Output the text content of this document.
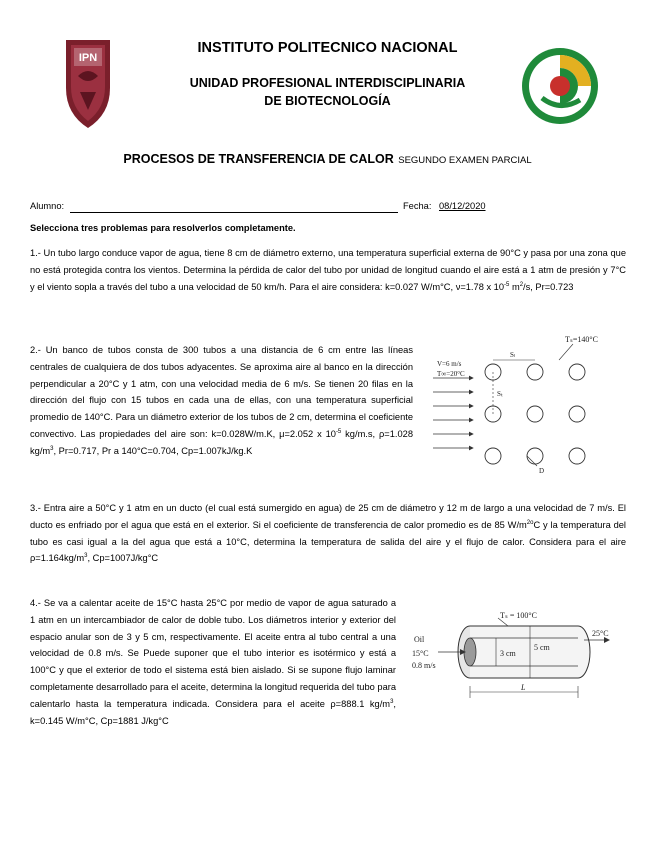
IPN
INSTITUTO POLITECNICO NACIONAL
UNIDAD PROFESIONAL INTERDISCIPLINARIA
DE BIOTECNOLOGÍA
PROCESOS DE TRANSFERENCIA DE CALOR SEGUNDO EXAMEN PARCIAL
Alumno:	Fecha: 08/12/2020
Selecciona tres problemas para resolverlos completamente.
1.- Un tubo largo conduce vapor de agua, tiene 8 cm de diámetro externo, una temperatura superficial externa de 90°C y pasa por una zona que no está protegida contra los vientos. Determina la pérdida de calor del tubo por unidad de longitud cuando el aire está a 1 atm de presión y 7°C y el viento sopla a través del tubo a una velocidad de 50 km/h. Para el aire considera: k=0.027 W/m°C, ν=1.78 x $10^{-5}$ $m^2/s$, Pr=0.723
2.- Un banco de tubos consta de 300 tubos a una distancia de 6 cm entre las líneas centrales de cualquiera de dos tubos adyacentes. Se aproxima aire al banco en la dirección perpendicular a 20°C y 1 atm, con una velocidad media de 6 m/s. Se tienen 20 filas en la dirección del flujo con 15 tubos en cada una de ellas, con una temperatura superficial promedio de 140°C. Para un diámetro exterior de los tubos de 2 cm, determina el coeficiente convectivo. Las propiedades del aire son: k=0.028W/m.K, μ=2.052 x $10^{-5}$ kg/m.s, ρ=1.028 $kg/m^3$, Pr=0.717, Pr a 140°C=0.704, Cp=1.007kJ/kg.K
Tₛ=140°C
V=6 m/s
T∞=20°C
Sₗ
Sₜ
D
3.- Entra aire a 50°C y 1 atm en un ducto (el cual está sumergido en agua) de 25 cm de diámetro y 12 m de largo a una velocidad de 7 m/s. El ducto es enfriado por el agua que está en el exterior. Si el coeficiente de transferencia de calor promedio es de 85 $W/m^{2o}C$ y la temperatura del tubo es casi igual a la del agua que está a 10°C, determina la temperatura de salida del aire y el flujo de calor. Considera para el aire $\rho=1.164kg/m^3$, Cp=1007J/kg°C
4.- Se va a calentar aceite de 15°C hasta 25°C por medio de vapor de agua saturado a 1 atm en un intercambiador de calor de doble tubo. Los diámetros interior y exterior del espacio anular son de 3 y 5 cm, respectivamente. El aceite entra al tubo central a una velocidad de 0.8 m/s. Se Puede suponer que el tubo interior es isotérmico y está a 100°C y que el exterior de todo el sistema está bien aislado. Si se supone flujo laminar completamente desarrollado para el aceite, determina la longitud requerida del tubo para calentarlo hasta la temperatura indicada. Considera para el aceite ρ=888.1 $kg/m^3$, k=0.145 W/m°C, Cp=1881 J/kg°C
Tₛ = 100°C
Oil
15°C
0.8 m/s
25°C
3 cm
5 cm
L
